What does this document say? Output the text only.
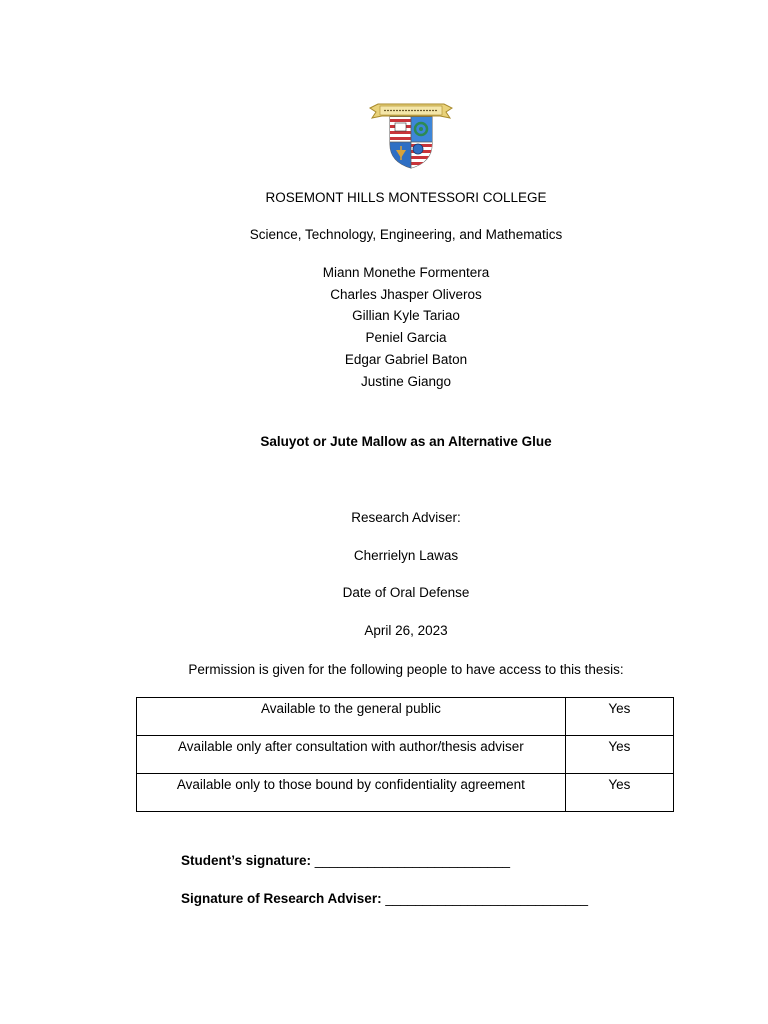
ROSEMONT HILLS MONTESSORI COLLEGE
Science, Technology, Engineering, and Mathematics
Miann Monethe Formentera
Charles Jhasper Oliveros
Gillian Kyle Tariao
Peniel Garcia
Edgar Gabriel Baton
Justine Giango
Saluyot or Jute Mallow as an Alternative Glue
Research Adviser:
Cherrielyn Lawas
Date of Oral Defense
April 26, 2023
Permission is given for the following people to have access to this thesis:
Available to the general public	Yes
Available only after consultation with author/thesis adviser	Yes
Available only to those bound by confidentiality agreement	Yes
Student’s signature: __________________________
Signature of Research Adviser: ___________________________
